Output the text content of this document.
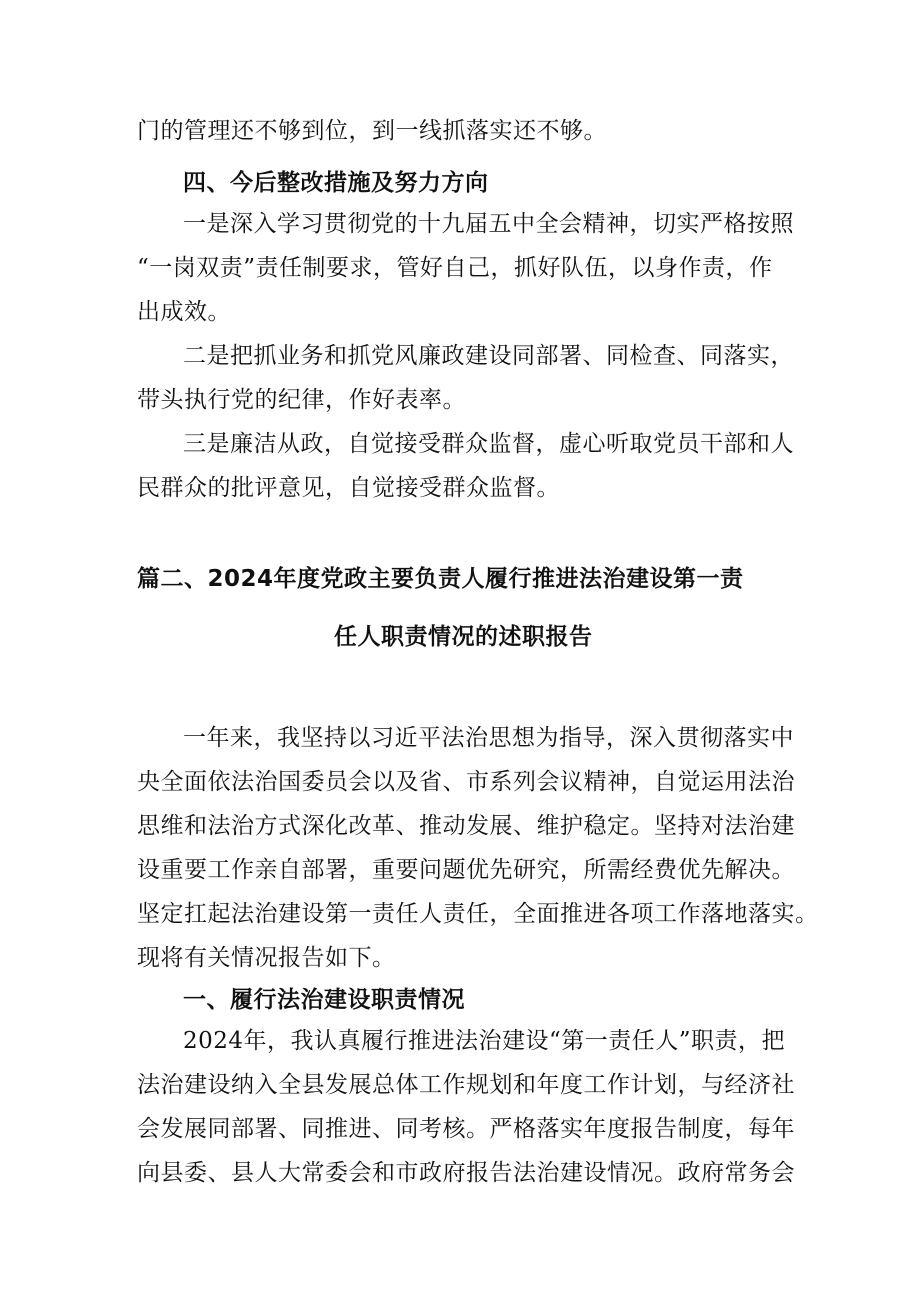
门的管理还不够到位，到一线抓落实还不够。

四、今后整改措施及努力方向

一是深入学习贯彻党的十九届五中全会精神，切实严格按照

“一岗双责”责任制要求，管好自己，抓好队伍，以身作责，作

出成效。

二是把抓业务和抓党风廉政建设同部署、同检查、同落实，

带头执行党的纪律，作好表率。

三是廉洁从政，自觉接受群众监督，虚心听取党员干部和人

民群众的批评意见，自觉接受群众监督。

篇二、2024年度党政主要负责人履行推进法治建设第一责

任人职责情况的述职报告

一年来，我坚持以习近平法治思想为指导，深入贯彻落实中

央全面依法治国委员会以及省、市系列会议精神，自觉运用法治

思维和法治方式深化改革、推动发展、维护稳定。坚持对法治建

设重要工作亲自部署，重要问题优先研究，所需经费优先解决。

坚定扛起法治建设第一责任人责任，全面推进各项工作落地落实。

现将有关情况报告如下。

一、履行法治建设职责情况

2024年，我认真履行推进法治建设“第一责任人”职责，把

法治建设纳入全县发展总体工作规划和年度工作计划，与经济社

会发展同部署、同推进、同考核。严格落实年度报告制度，每年

向县委、县人大常委会和市政府报告法治建设情况。政府常务会
